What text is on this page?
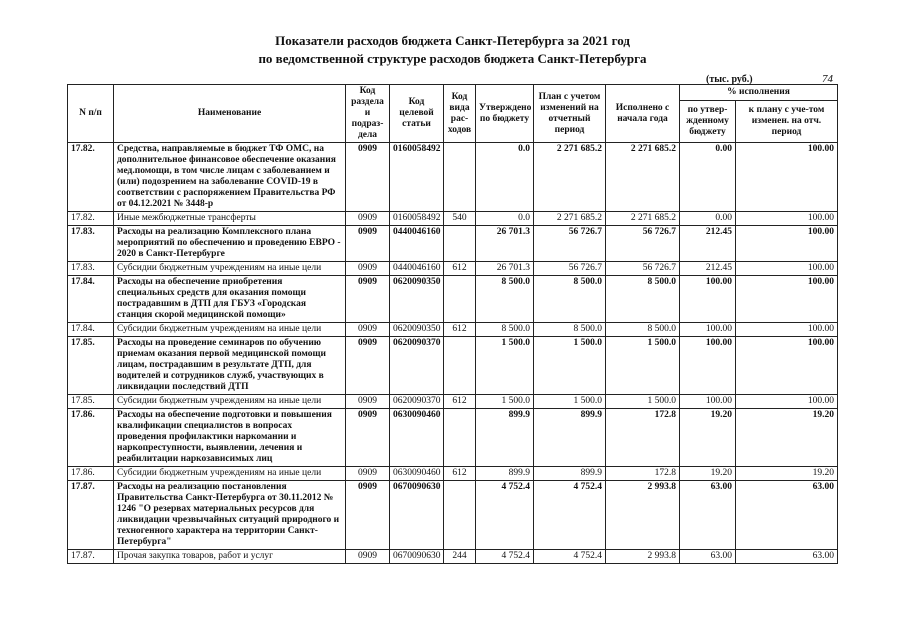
Показатели расходов бюджета Санкт-Петербурга за 2021 год
по ведомственной структуре расходов бюджета Санкт-Петербурга
(тыс. руб.)	74
N п/п	Наименование	Код раздела и подраз-дела	Код целевой статьи	Код вида рас-ходов	Утверждено по бюджету	План с учетом изменений на отчетный период	Исполнено с начала года	% исполнения	
								по утвер-жденному бюджету	к плану с уче-том изменен. на отч. период
17.82.	Средства, направляемые в бюджет ТФ ОМС, на дополнительное финансовое обеспечение оказания мед.помощи, в том числе лицам с заболеванием и (или) подозрением на заболевание COVID-19 в соответствии с распоряжением Правительства РФ от 04.12.2021 № 3448-р	0909	0160058492		0.0	2 271 685.2	2 271 685.2	0.00	100.00
17.82.	Иные межбюджетные трансферты	0909	0160058492	540	0.0	2 271 685.2	2 271 685.2	0.00	100.00
17.83.	Расходы на реализацию Комплексного плана мероприятий по обеспечению и проведению ЕВРО - 2020 в Санкт-Петербурге	0909	0440046160		26 701.3	56 726.7	56 726.7	212.45	100.00
17.83.	Субсидии бюджетным учреждениям на иные цели	0909	0440046160	612	26 701.3	56 726.7	56 726.7	212.45	100.00
17.84.	Расходы на обеспечение приобретения специальных средств для оказания помощи пострадавшим в ДТП для ГБУЗ «Городская станция скорой медицинской помощи»	0909	0620090350		8 500.0	8 500.0	8 500.0	100.00	100.00
17.84.	Субсидии бюджетным учреждениям на иные цели	0909	0620090350	612	8 500.0	8 500.0	8 500.0	100.00	100.00
17.85.	Расходы на проведение семинаров по обучению приемам оказания первой медицинской помощи лицам, пострадавшим в результате ДТП, для водителей и сотрудников служб, участвующих в ликвидации последствий ДТП	0909	0620090370		1 500.0	1 500.0	1 500.0	100.00	100.00
17.85.	Субсидии бюджетным учреждениям на иные цели	0909	0620090370	612	1 500.0	1 500.0	1 500.0	100.00	100.00
17.86.	Расходы на обеспечение подготовки и повышения квалификации специалистов в вопросах проведения профилактики наркомании и наркопреступности, выявлении, лечения и реабилитации наркозависимых лиц	0909	0630090460		899.9	899.9	172.8	19.20	19.20
17.86.	Субсидии бюджетным учреждениям на иные цели	0909	0630090460	612	899.9	899.9	172.8	19.20	19.20
17.87.	Расходы на реализацию постановления Правительства Санкт-Петербурга от 30.11.2012 № 1246 "О резервах материальных ресурсов для ликвидации чрезвычайных ситуаций природного и техногенного характера на территории Санкт-Петербурга"	0909	0670090630		4 752.4	4 752.4	2 993.8	63.00	63.00
17.87.	Прочая закупка товаров, работ и услуг	0909	0670090630	244	4 752.4	4 752.4	2 993.8	63.00	63.00
